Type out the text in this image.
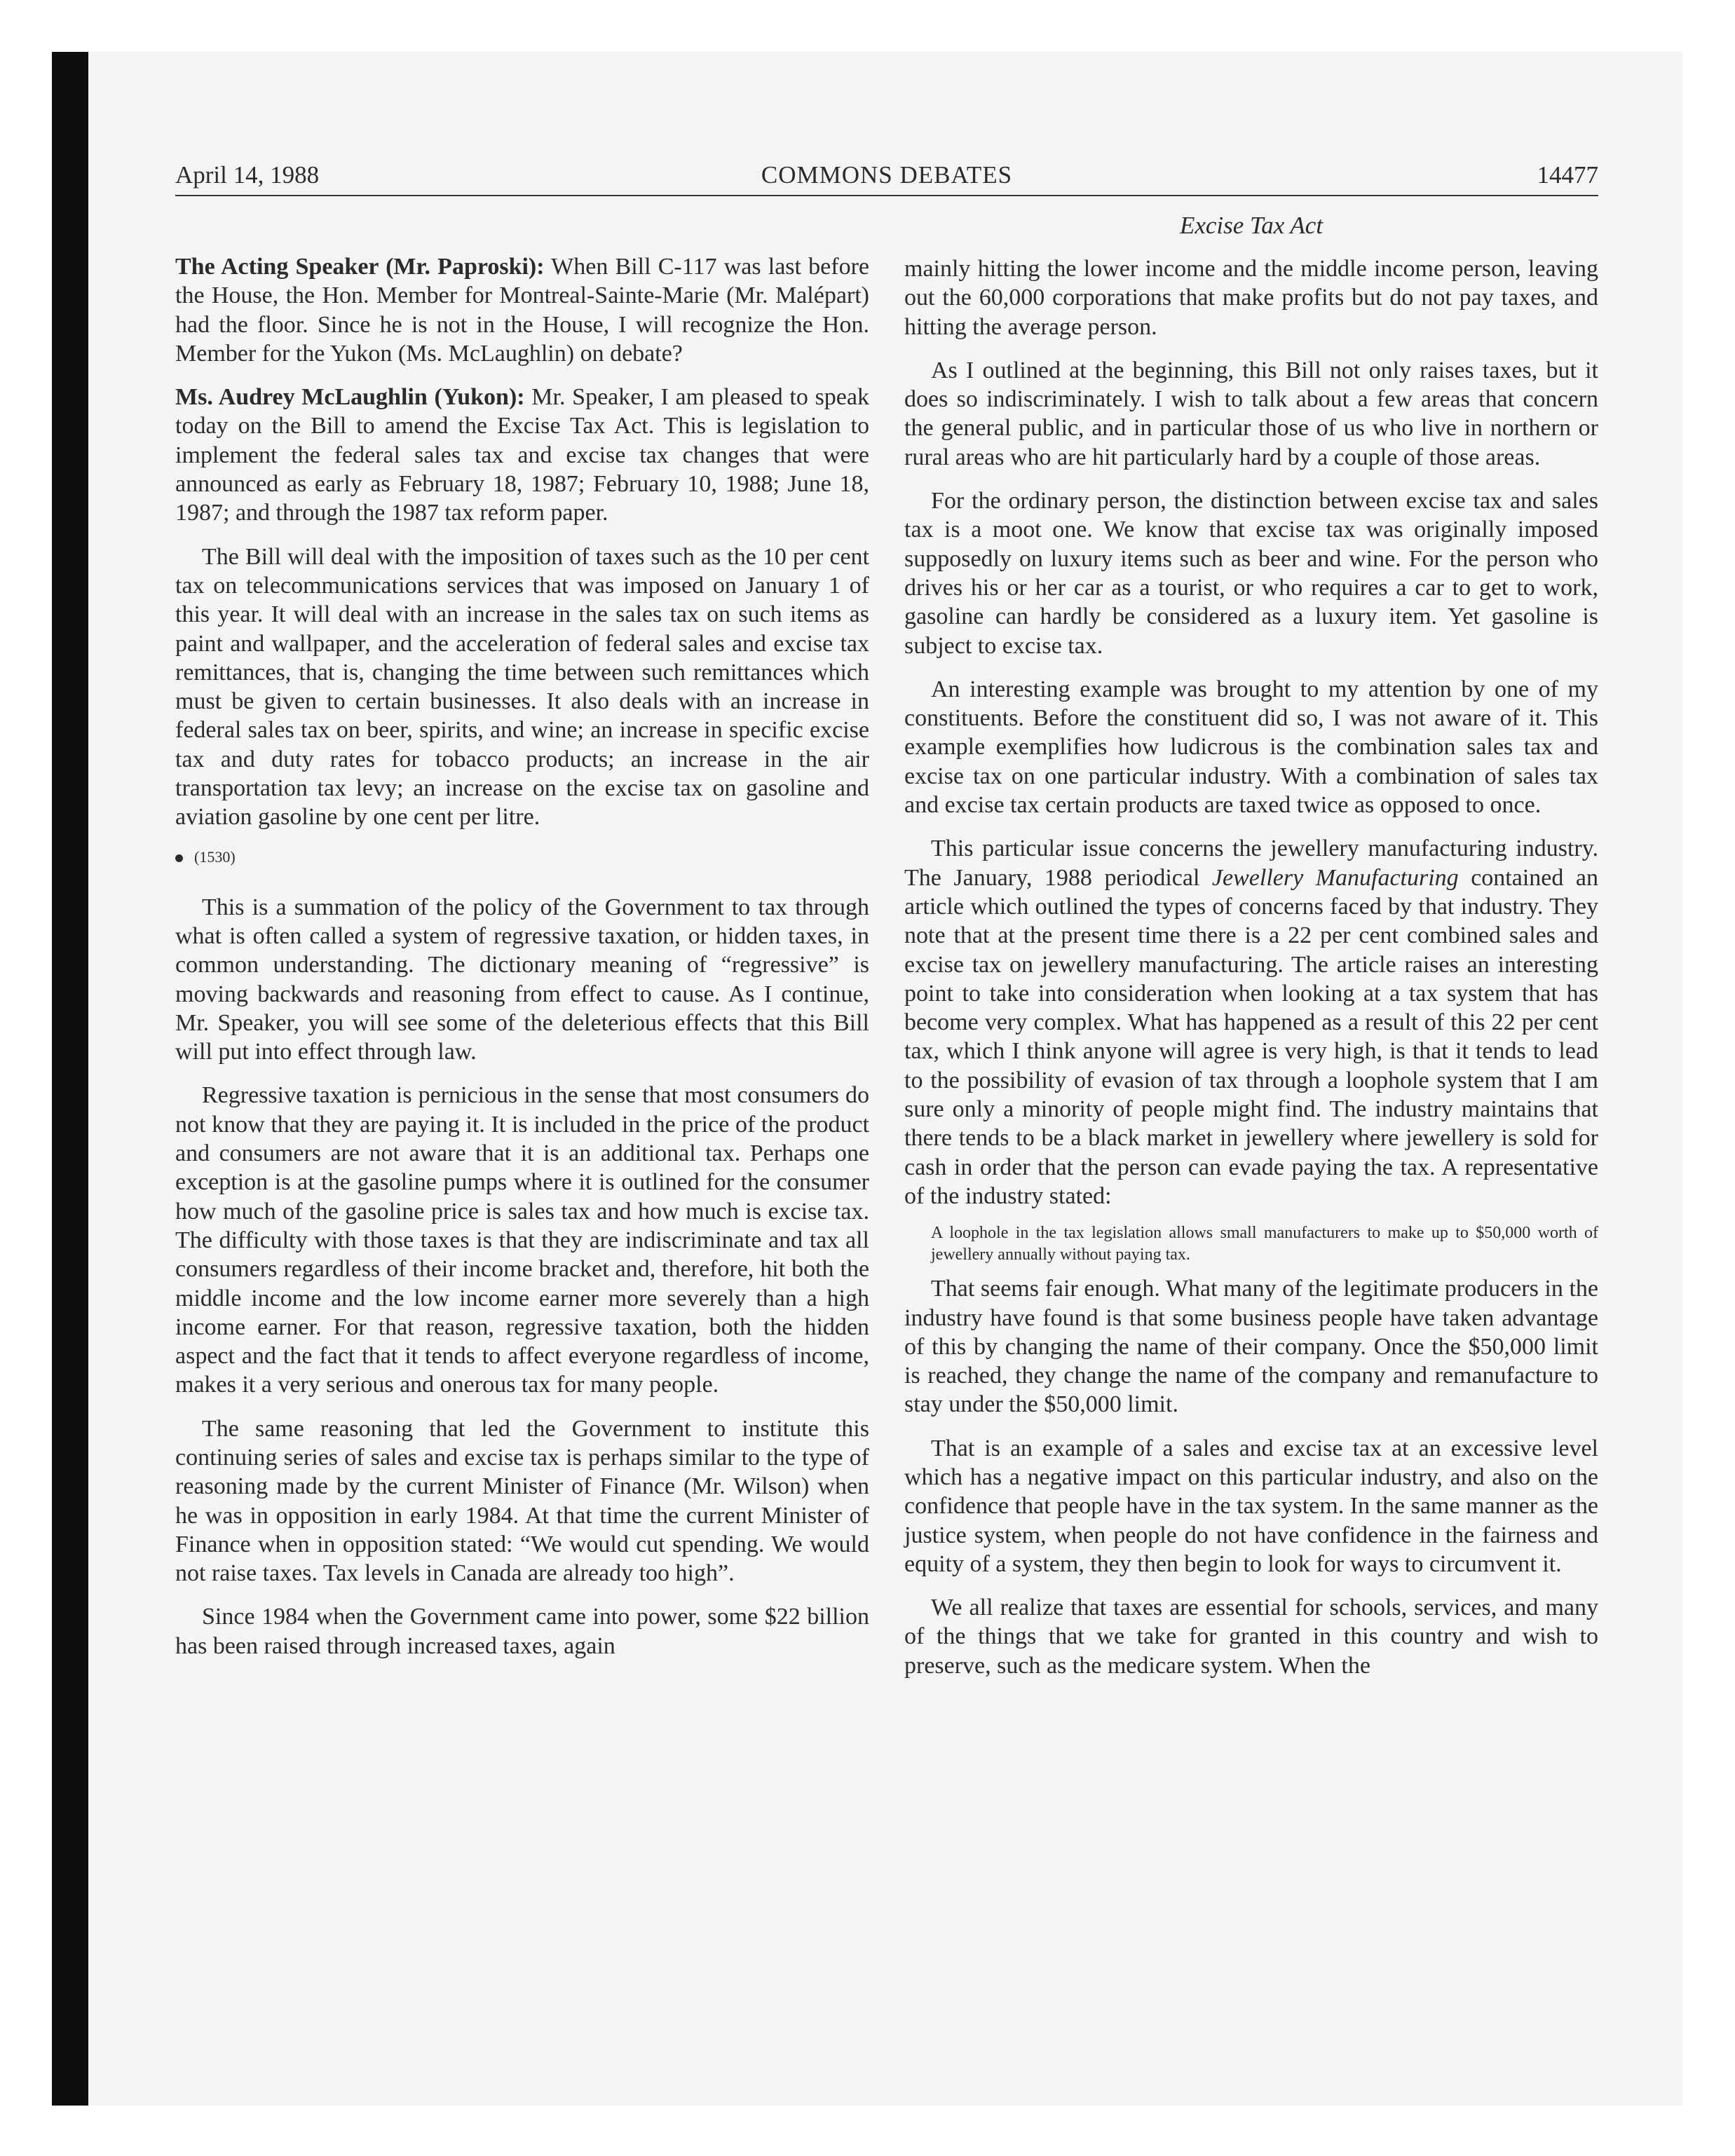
April 14, 1988	COMMONS DEBATES	14477
Excise Tax Act

The Acting Speaker (Mr. Paproski): When Bill C-117 was last before the House, the Hon. Member for Montreal-Sainte-Marie (Mr. Malépart) had the floor. Since he is not in the House, I will recognize the Hon. Member for the Yukon (Ms. McLaughlin) on debate?

Ms. Audrey McLaughlin (Yukon): Mr. Speaker, I am pleased to speak today on the Bill to amend the Excise Tax Act. This is legislation to implement the federal sales tax and excise tax changes that were announced as early as February 18, 1987; February 10, 1988; June 18, 1987; and through the 1987 tax reform paper.

The Bill will deal with the imposition of taxes such as the 10 per cent tax on telecommunications services that was imposed on January 1 of this year. It will deal with an increase in the sales tax on such items as paint and wallpaper, and the acceleration of federal sales and excise tax remittances, that is, changing the time between such remittances which must be given to certain businesses. It also deals with an increase in federal sales tax on beer, spirits, and wine; an increase in specific excise tax and duty rates for tobacco products; an increase in the air transportation tax levy; an increase on the excise tax on gasoline and aviation gasoline by one cent per litre.

(1530)

This is a summation of the policy of the Government to tax through what is often called a system of regressive taxation, or hidden taxes, in common understanding. The dictionary meaning of “regressive” is moving backwards and reasoning from effect to cause. As I continue, Mr. Speaker, you will see some of the deleterious effects that this Bill will put into effect through law.

Regressive taxation is pernicious in the sense that most consumers do not know that they are paying it. It is included in the price of the product and consumers are not aware that it is an additional tax. Perhaps one exception is at the gasoline pumps where it is outlined for the consumer how much of the gasoline price is sales tax and how much is excise tax. The difficulty with those taxes is that they are indiscriminate and tax all consumers regardless of their income bracket and, therefore, hit both the middle income and the low income earner more severely than a high income earner. For that reason, regressive taxation, both the hidden aspect and the fact that it tends to affect everyone regardless of income, makes it a very serious and onerous tax for many people.

The same reasoning that led the Government to institute this continuing series of sales and excise tax is perhaps similar to the type of reasoning made by the current Minister of Finance (Mr. Wilson) when he was in opposition in early 1984. At that time the current Minister of Finance when in opposition stated: “We would cut spending. We would not raise taxes. Tax levels in Canada are already too high”.

Since 1984 when the Government came into power, some $22 billion has been raised through increased taxes, again

mainly hitting the lower income and the middle income person, leaving out the 60,000 corporations that make profits but do not pay taxes, and hitting the average person.

As I outlined at the beginning, this Bill not only raises taxes, but it does so indiscriminately. I wish to talk about a few areas that concern the general public, and in particular those of us who live in northern or rural areas who are hit particularly hard by a couple of those areas.

For the ordinary person, the distinction between excise tax and sales tax is a moot one. We know that excise tax was originally imposed supposedly on luxury items such as beer and wine. For the person who drives his or her car as a tourist, or who requires a car to get to work, gasoline can hardly be considered as a luxury item. Yet gasoline is subject to excise tax.

An interesting example was brought to my attention by one of my constituents. Before the constituent did so, I was not aware of it. This example exemplifies how ludicrous is the combination sales tax and excise tax on one particular industry. With a combination of sales tax and excise tax certain products are taxed twice as opposed to once.

This particular issue concerns the jewellery manufacturing industry. The January, 1988 periodical Jewellery Manufacturing contained an article which outlined the types of concerns faced by that industry. They note that at the present time there is a 22 per cent combined sales and excise tax on jewellery manufacturing. The article raises an interesting point to take into consideration when looking at a tax system that has become very complex. What has happened as a result of this 22 per cent tax, which I think anyone will agree is very high, is that it tends to lead to the possibility of evasion of tax through a loophole system that I am sure only a minority of people might find. The industry maintains that there tends to be a black market in jewellery where jewellery is sold for cash in order that the person can evade paying the tax. A representative of the industry stated:

A loophole in the tax legislation allows small manufacturers to make up to $50,000 worth of jewellery annually without paying tax.

That seems fair enough. What many of the legitimate producers in the industry have found is that some business people have taken advantage of this by changing the name of their company. Once the $50,000 limit is reached, they change the name of the company and remanufacture to stay under the $50,000 limit.

That is an example of a sales and excise tax at an excessive level which has a negative impact on this particular industry, and also on the confidence that people have in the tax system. In the same manner as the justice system, when people do not have confidence in the fairness and equity of a system, they then begin to look for ways to circumvent it.

We all realize that taxes are essential for schools, services, and many of the things that we take for granted in this country and wish to preserve, such as the medicare system. When the
